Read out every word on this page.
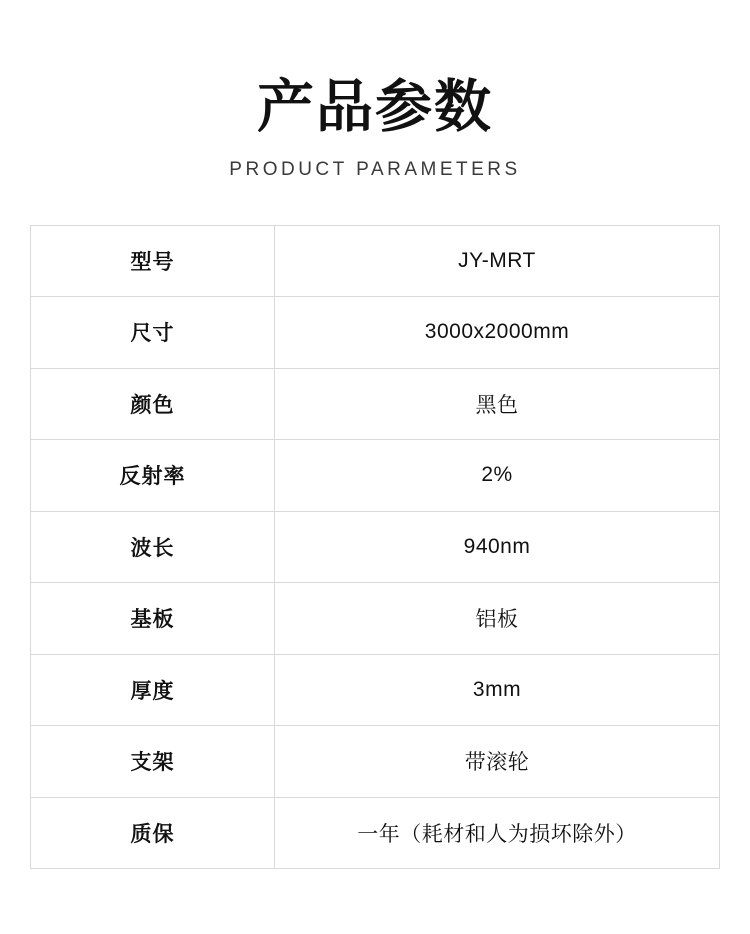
产品参数
PRODUCT PARAMETERS
型号	JY-MRT
尺寸	3000x2000mm
颜色	黑色
反射率	2%
波长	940nm
基板	铝板
厚度	3mm
支架	带滚轮
质保	一年（耗材和人为损坏除外）
